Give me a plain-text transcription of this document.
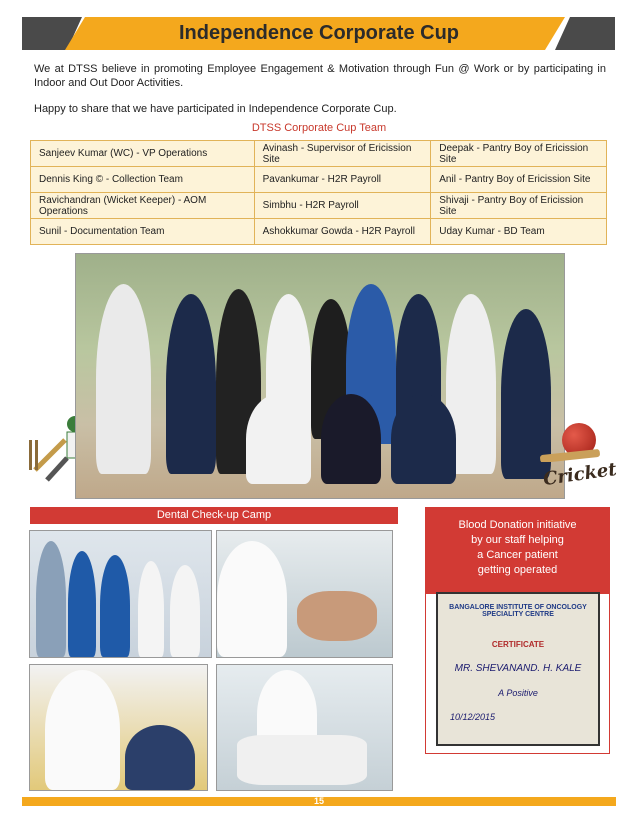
Independence Corporate Cup
We at DTSS believe in promoting Employee Engagement & Motivation through Fun @ Work or by participating in Indoor and Out Door Activities.
Happy to share that we have participated in Independence Corporate Cup.
DTSS Corporate Cup Team
Sanjeev Kumar (WC) - VP Operations	Avinash - Supervisor of Ericission Site	Deepak - Pantry Boy of Ericission Site
Dennis King © - Collection Team	Pavankumar - H2R Payroll	Anil - Pantry Boy of Ericission Site
Ravichandran (Wicket Keeper) - AOM Operations	Simbhu - H2R Payroll	Shivaji - Pantry Boy of Ericission Site
Sunil - Documentation Team	Ashokkumar Gowda - H2R Payroll	Uday Kumar - BD Team
Cricket
Dental Check-up Camp
Blood Donation initiative
by our staff helping
a Cancer patient
getting operated
BANGALORE INSTITUTE OF ONCOLOGY SPECIALITY CENTRE
CERTIFICATE
MR. SHEVANAND. H. KALE
A Positive
10/12/2015
15
